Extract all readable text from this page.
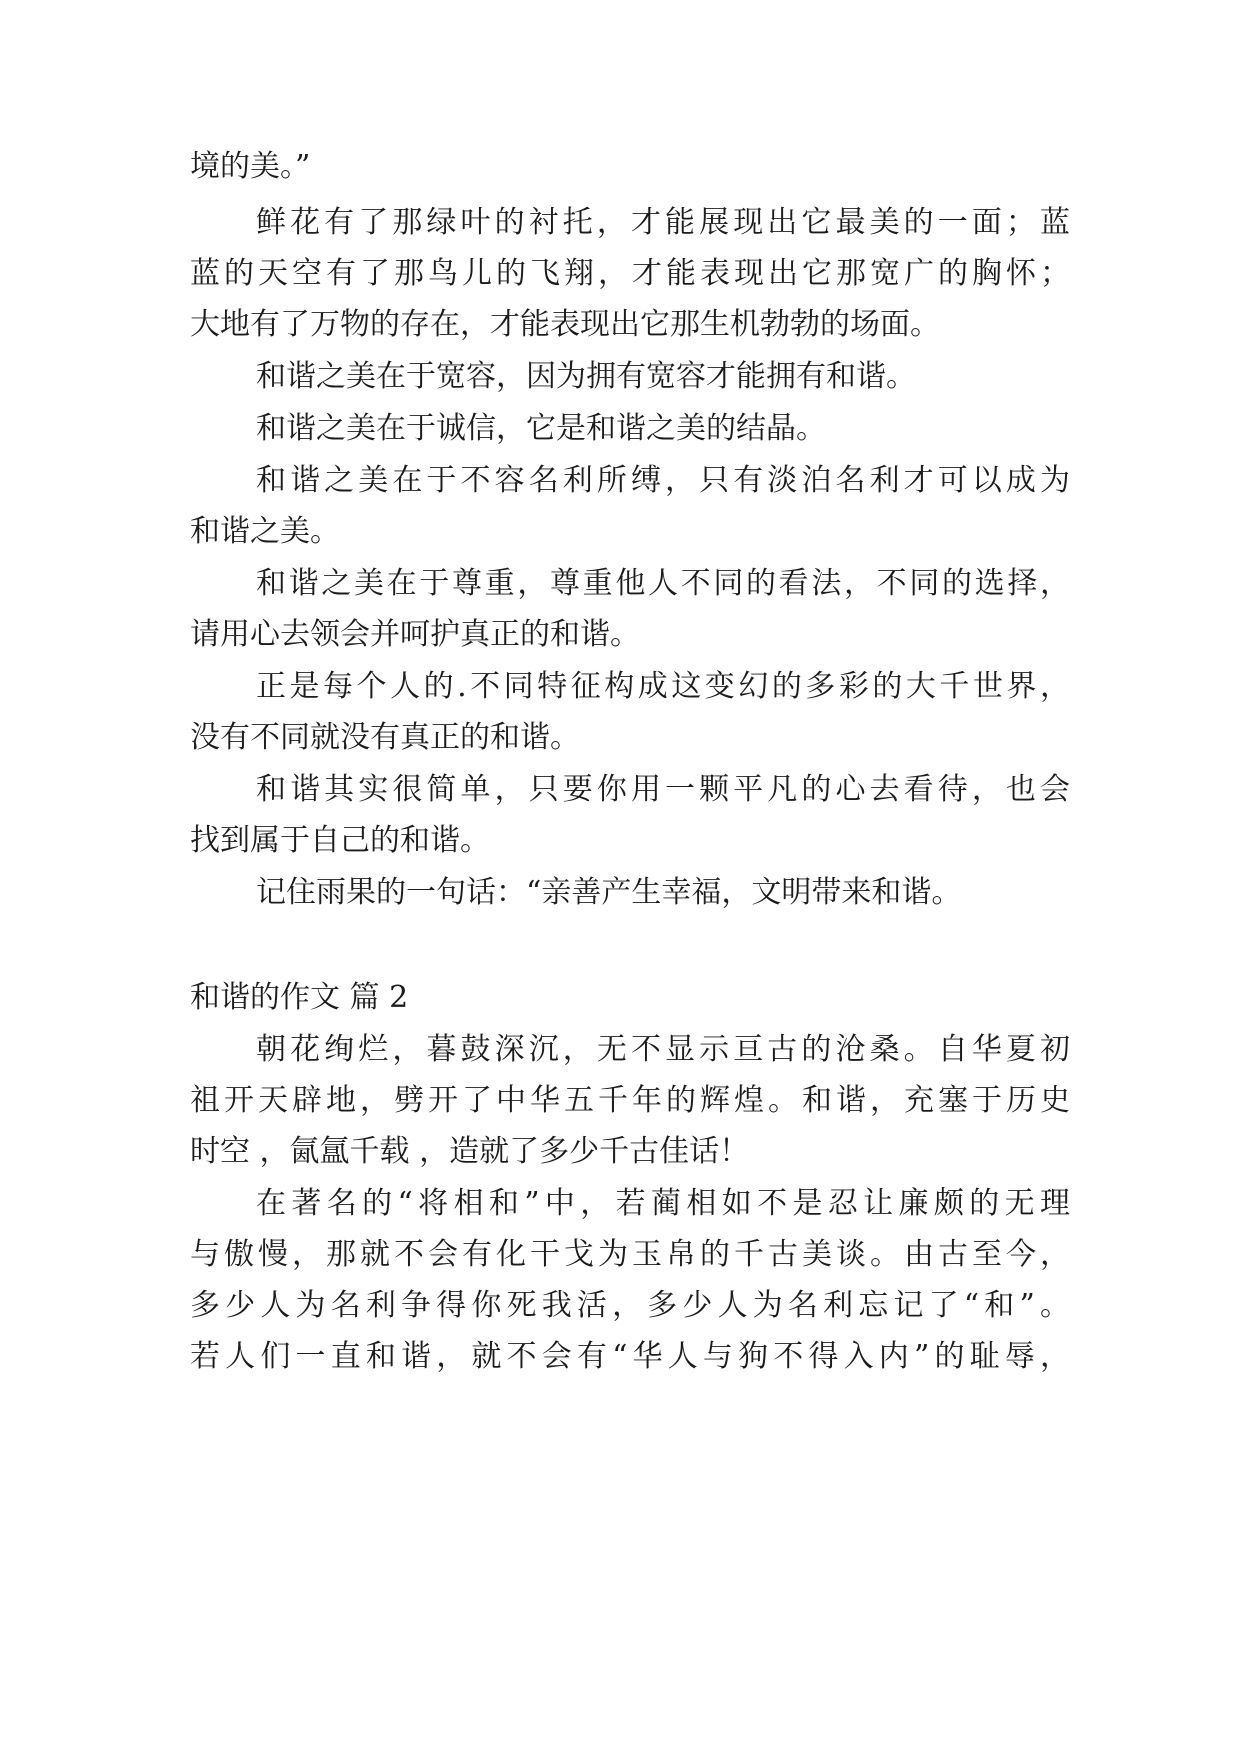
境的美。”
鲜花有了那绿叶的衬托，才能展现出它最美的一面；蓝
蓝的天空有了那鸟儿的飞翔，才能表现出它那宽广的胸怀；
大地有了万物的存在，才能表现出它那生机勃勃的场面。
和谐之美在于宽容，因为拥有宽容才能拥有和谐。
和谐之美在于诚信，它是和谐之美的结晶。
和谐之美在于不容名利所缚，只有淡泊名利才可以成为
和谐之美。
和谐之美在于尊重，尊重他人不同的看法，不同的选择，
请用心去领会并呵护真正的和谐。
正是每个人的.不同特征构成这变幻的多彩的大千世界，
没有不同就没有真正的和谐。
和谐其实很简单，只要你用一颗平凡的心去看待，也会
找到属于自己的和谐。
记住雨果的一句话：“亲善产生幸福，文明带来和谐。
和谐的作文 篇 2
朝花绚烂，暮鼓深沉，无不显示亘古的沧桑。自华夏初
祖开天辟地，劈开了中华五千年的辉煌。和谐，充塞于历史
时空 ，氤氲千载 ，造就了多少千古佳话！
在著名的“将相和”中，若蔺相如不是忍让廉颇的无理
与傲慢，那就不会有化干戈为玉帛的千古美谈。由古至今，
多少人为名利争得你死我活，多少人为名利忘记了“和”。
若人们一直和谐，就不会有“华人与狗不得入内”的耻辱，
